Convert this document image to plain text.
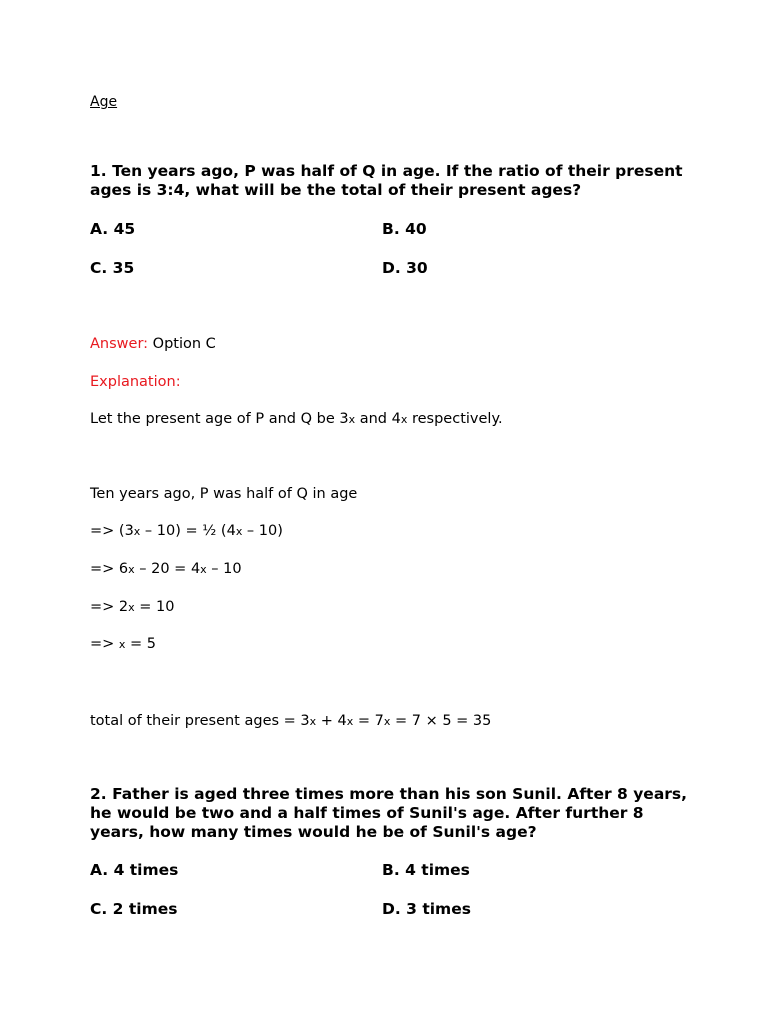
Age
1. Ten years ago, P was half of Q in age. If the ratio of their present ages is 3:4, what will be the total of their present ages?
A. 45	B. 40
C. 35	D. 30
Answer: Option C
Explanation:
Let the present age of P and Q be 3x and 4x respectively.
Ten years ago, P was half of Q in age
=> (3x – 10) = ½ (4x – 10)
=> 6x – 20 = 4x – 10
=> 2x = 10
=> x = 5
total of their present ages = 3x + 4x = 7x = 7 × 5 = 35
2. Father is aged three times more than his son Sunil. After 8 years, he would be two and a half times of Sunil's age. After further 8 years, how many times would he be of Sunil's age?
A. 4 times	B. 4 times
C. 2 times	D. 3 times
